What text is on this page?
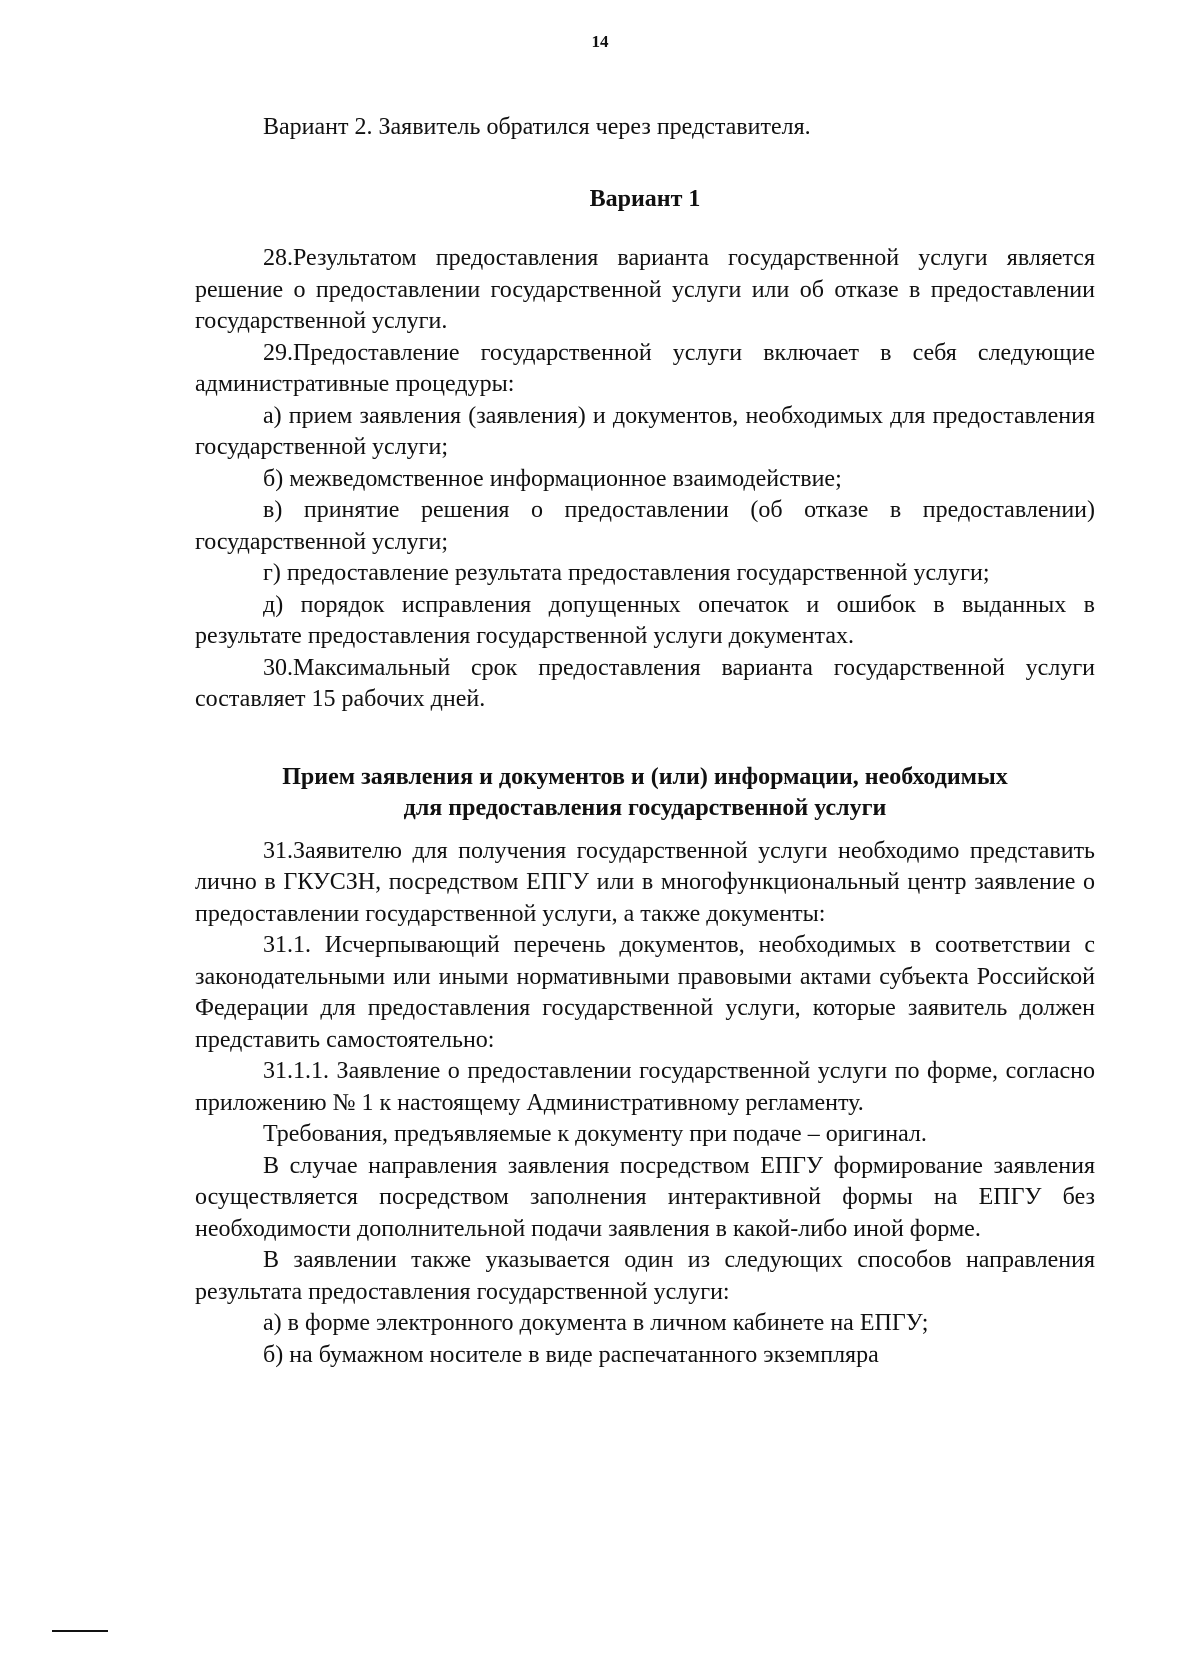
14

Вариант 2. Заявитель обратился через представителя.

Вариант 1

28.Результатом предоставления варианта государственной услуги является решение о предоставлении государственной услуги или об отказе в предоставлении государственной услуги.

29.Предоставление государственной услуги включает в себя следующие административные процедуры:

а) прием заявления (заявления) и документов, необходимых для предоставления государственной услуги;

б) межведомственное информационное взаимодействие;

в) принятие решения о предоставлении (об отказе в предоставлении) государственной услуги;

г) предоставление результата предоставления государственной услуги;

д) порядок исправления допущенных опечаток и ошибок в выданных в результате предоставления государственной услуги документах.

30.Максимальный срок предоставления варианта государственной услуги составляет 15 рабочих дней.

Прием заявления и документов и (или) информации, необходимых
для предоставления государственной услуги

31.Заявителю для получения государственной услуги необходимо представить лично в ГКУСЗН, посредством ЕПГУ или в многофункциональный центр заявление о предоставлении государственной услуги, а также документы:

31.1. Исчерпывающий перечень документов, необходимых в соответствии с законодательными или иными нормативными правовыми актами субъекта Российской Федерации для предоставления государственной услуги, которые заявитель должен представить самостоятельно:

31.1.1. Заявление о предоставлении государственной услуги по форме, согласно приложению № 1 к настоящему Административному регламенту.

Требования, предъявляемые к документу при подаче – оригинал.

В случае направления заявления посредством ЕПГУ формирование заявления осуществляется посредством заполнения интерактивной формы на ЕПГУ без необходимости дополнительной подачи заявления в какой-либо иной форме.

В заявлении также указывается один из следующих способов направления результата предоставления государственной услуги:

а) в форме электронного документа в личном кабинете на ЕПГУ;

б) на бумажном носителе в виде распечатанного экземпляра
